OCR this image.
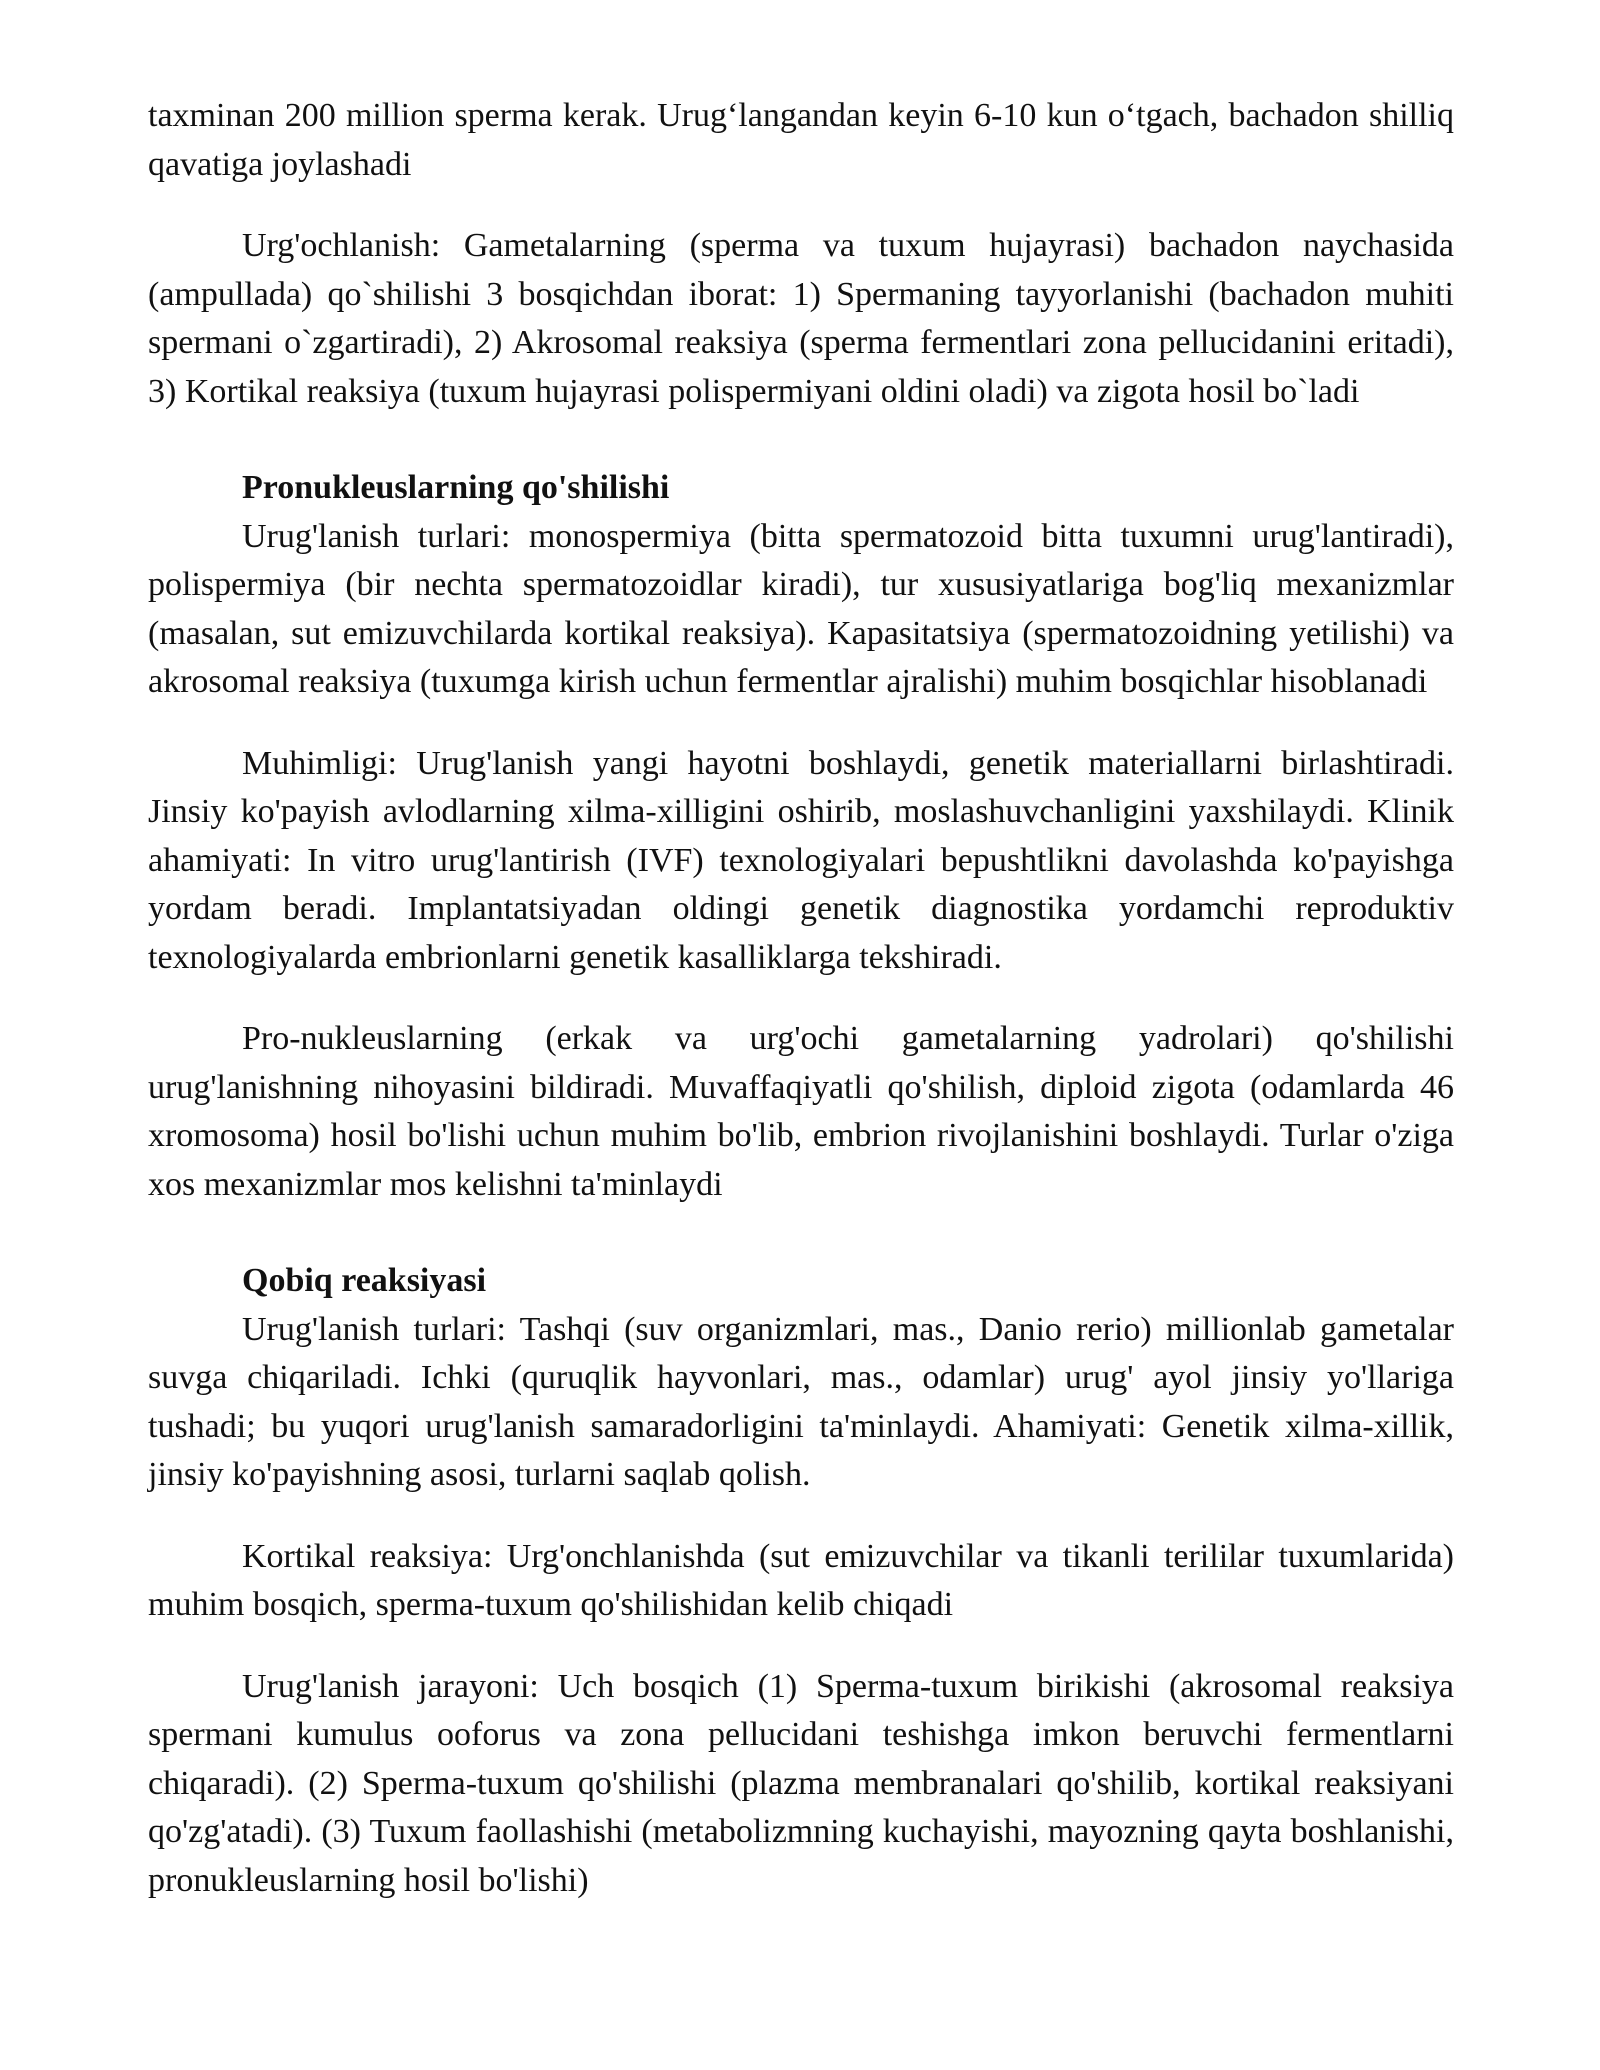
taxminan 200 million sperma kerak. Urug‘langandan keyin 6-10 kun o‘tgach, bachadon shilliq qavatiga joylashadi

Urg'ochlanish: Gametalarning (sperma va tuxum hujayrasi) bachadon naychasida (ampullada) qo`shilishi 3 bosqichdan iborat: 1) Spermaning tayyorlanishi (bachadon muhiti spermani o`zgartiradi), 2) Akrosomal reaksiya (sperma fermentlari zona pellucidanini eritadi), 3) Kortikal reaksiya (tuxum hujayrasi polispermiyani oldini oladi) va zigota hosil bo`ladi

Pronukleuslarning qo'shilishi

Urug'lanish turlari: monospermiya (bitta spermatozoid bitta tuxumni urug'lantiradi), polispermiya (bir nechta spermatozoidlar kiradi), tur xususiyatlariga bog'liq mexanizmlar (masalan, sut emizuvchilarda kortikal reaksiya). Kapasitatsiya (spermatozoidning yetilishi) va akrosomal reaksiya (tuxumga kirish uchun fermentlar ajralishi) muhim bosqichlar hisoblanadi

Muhimligi: Urug'lanish yangi hayotni boshlaydi, genetik materiallarni birlashtiradi. Jinsiy ko'payish avlodlarning xilma-xilligini oshirib, moslashuvchanligini yaxshilaydi. Klinik ahamiyati: In vitro urug'lantirish (IVF) texnologiyalari bepushtlikni davolashda ko'payishga yordam beradi. Implantatsiyadan oldingi genetik diagnostika yordamchi reproduktiv texnologiyalarda embrionlarni genetik kasalliklarga tekshiradi.

Pro-nukleuslarning (erkak va urg'ochi gametalarning yadrolari) qo'shilishi urug'lanishning nihoyasini bildiradi. Muvaffaqiyatli qo'shilish, diploid zigota (odamlarda 46 xromosoma) hosil bo'lishi uchun muhim bo'lib, embrion rivojlanishini boshlaydi. Turlar o'ziga xos mexanizmlar mos kelishni ta'minlaydi

Qobiq reaksiyasi

Urug'lanish turlari: Tashqi (suv organizmlari, mas., Danio rerio) millionlab gametalar suvga chiqariladi. Ichki (quruqlik hayvonlari, mas., odamlar) urug' ayol jinsiy yo'llariga tushadi; bu yuqori urug'lanish samaradorligini ta'minlaydi. Ahamiyati: Genetik xilma-xillik, jinsiy ko'payishning asosi, turlarni saqlab qolish.

Kortikal reaksiya: Urg'onchlanishda (sut emizuvchilar va tikanli terililar tuxumlarida) muhim bosqich, sperma-tuxum qo'shilishidan kelib chiqadi

Urug'lanish jarayoni: Uch bosqich (1) Sperma-tuxum birikishi (akrosomal reaksiya spermani kumulus ooforus va zona pellucidani teshishga imkon beruvchi fermentlarni chiqaradi). (2) Sperma-tuxum qo'shilishi (plazma membranalari qo'shilib, kortikal reaksiyani qo'zg'atadi). (3) Tuxum faollashishi (metabolizmning kuchayishi, mayozning qayta boshlanishi, pronukleuslarning hosil bo'lishi)
